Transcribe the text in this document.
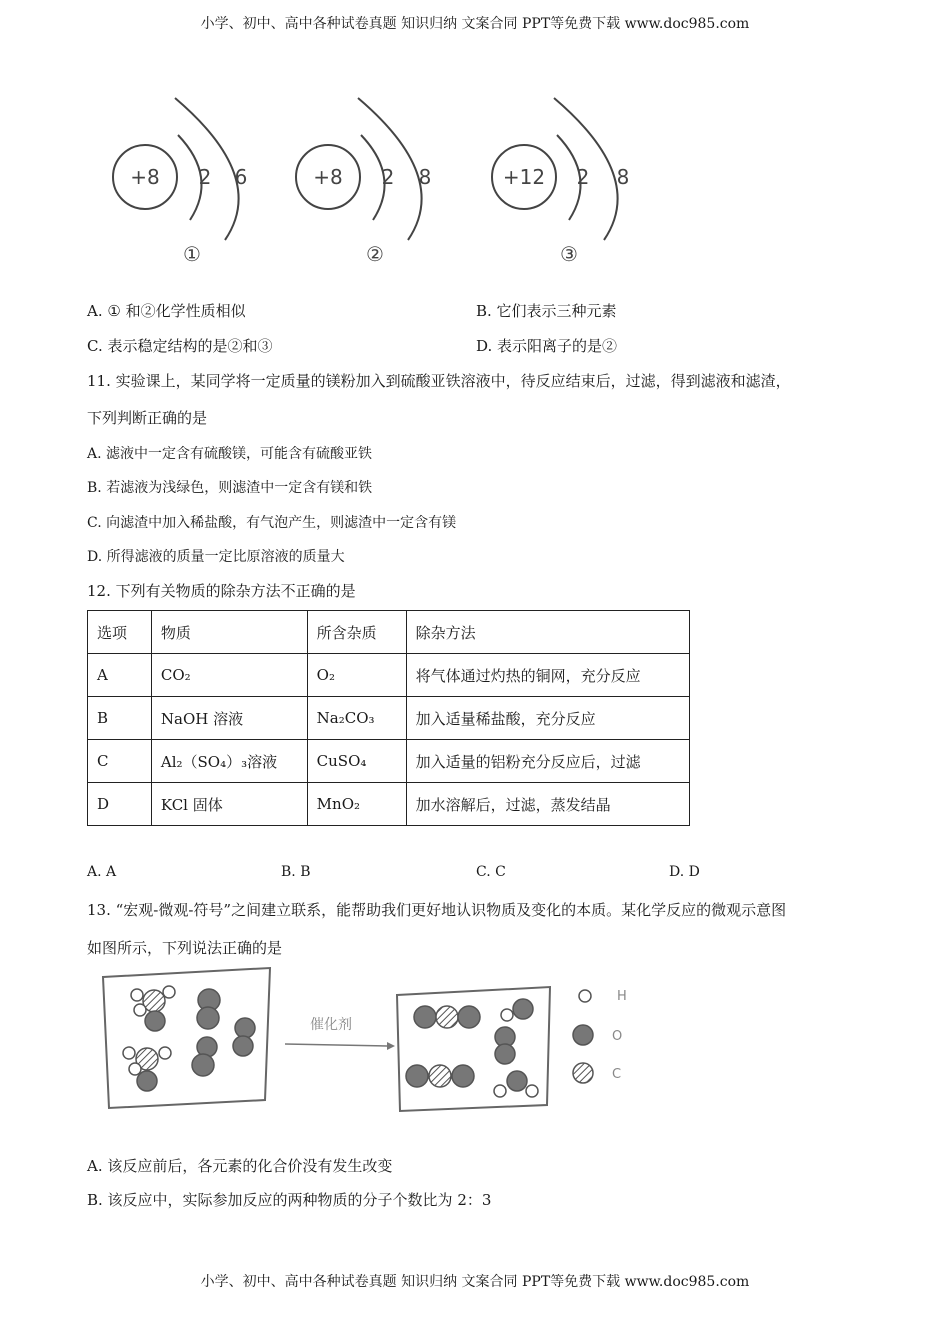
小学、初中、高中各种试卷真题 知识归纳 文案合同 PPT等免费下载 www.doc985.com
+8 2 6
①
+8 2 8
②
+12 2 8
③
A. ① 和②化学性质相似	B. 它们表示三种元素
C. 表示稳定结构的是②和③	D. 表示阳离子的是②
11. 实验课上，某同学将一定质量的镁粉加入到硫酸亚铁溶液中，待反应结束后，过滤，得到滤液和滤渣，
下列判断正确的是
A. 滤液中一定含有硫酸镁，可能含有硫酸亚铁
B. 若滤液为浅绿色，则滤渣中一定含有镁和铁
C. 向滤渣中加入稀盐酸，有气泡产生，则滤渣中一定含有镁
D. 所得滤液的质量一定比原溶液的质量大
12. 下列有关物质的除杂方法不正确的是
选项	物质	所含杂质	除杂方法
A	CO₂	O₂	将气体通过灼热的铜网，充分反应
B	NaOH 溶液	Na₂CO₃	加入适量稀盐酸，充分反应
C	Al₂（SO₄）₃溶液	CuSO₄	加入适量的铝粉充分反应后，过滤
D	KCl 固体	MnO₂	加水溶解后，过滤，蒸发结晶
A. A	B. B	C. C	D. D
13. “宏观-微观-符号”之间建立联系，能帮助我们更好地认识物质及变化的本质。某化学反应的微观示意图
如图所示，下列说法正确的是
催化剂
H
O
C
A. 该反应前后，各元素的化合价没有发生改变
B. 该反应中，实际参加反应的两种物质的分子个数比为 2：3
小学、初中、高中各种试卷真题 知识归纳 文案合同 PPT等免费下载 www.doc985.com
